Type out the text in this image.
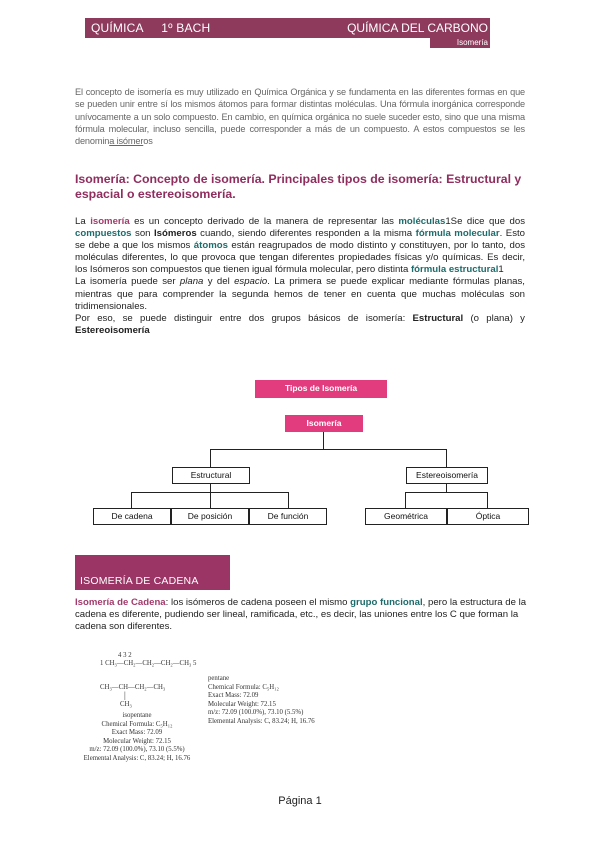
QUÍMICA 1º BACH	QUÍMICA DEL CARBONO
Isomería
El concepto de isomería es muy utilizado en Química Orgánica y se fundamenta en las diferentes formas en que se pueden unir entre sí los mismos átomos para formar distintas moléculas. Una fórmula inorgánica corresponde unívocamente a un solo compuesto. En cambio, en química orgánica no suele suceder esto, sino que una misma fórmula molecular, incluso sencilla, puede corresponder a más de un compuesto. A estos compuestos se les denomina isómeros
Isomería: Concepto de isomería. Principales tipos de isomería: Estructural y espacial o estereoisomería.

La isomería es un concepto derivado de la manera de representar las moléculas1Se dice que dos compuestos son Isómeros cuando, siendo diferentes responden a la misma fórmula molecular. Esto se debe a que los mismos átomos están reagrupados de modo distinto y constituyen, por lo tanto, dos moléculas diferentes, lo que provoca que tengan diferentes propiedades físicas y/o químicas. Es decir, los Isómeros son compuestos que tienen igual fórmula molecular, pero distinta fórmula estructural1

La isomería puede ser plana y del espacio. La primera se puede explicar mediante fórmulas planas, mientras que para comprender la segunda hemos de tener en cuenta que muchas moléculas son tridimensionales.

Por eso, se puede distinguir entre dos grupos básicos de isomería: Estructural (o plana) y Estereoisomería

Tipos de Isomería
Isomería
Estructural	Estereoisomería
De cadena	De posición	De función	Geométrica	Óptica
ISOMERÍA DE CADENA
Isomería de Cadena: los isómeros de cadena poseen el mismo grupo funcional, pero la estructura de la cadena es diferente, pudiendo ser lineal, ramificada, etc., es decir, las uniones entre los C que forman la cadena son diferentes.
4 3 2
1 CH₃—CH₂—CH₂—CH₂—CH₃ 5
pentane
Chemical Formula: C₅H₁₂
Exact Mass: 72.09
Molecular Weight: 72.15
m/z: 72.09 (100.0%), 73.10 (5.5%)
Elemental Analysis: C, 83.24; H, 16.76
CH₃—CH—CH₂—CH₃
|
CH₃
isopentane
Chemical Formula: C₅H₁₂
Exact Mass: 72.09
Molecular Weight: 72.15
m/z: 72.09 (100.0%), 73.10 (5.5%)
Elemental Analysis: C, 83.24; H, 16.76
Página 1
